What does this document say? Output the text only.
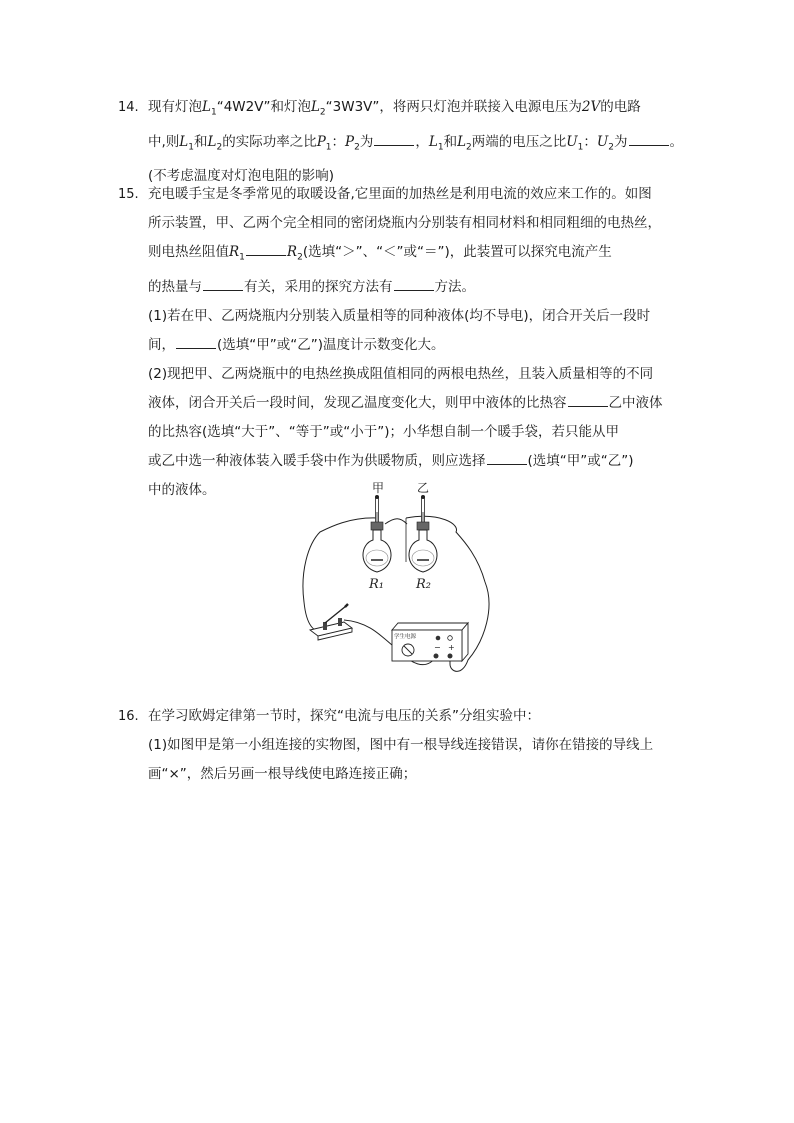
14. 现有灯泡$L_1“4W2V$”和灯泡$L_2“3W3V$”，将两只灯泡并联接入电源电压为2V的电路
中,则$L_1$和$L_2$的实际功率之比$P_1$：$P_2$为	，$L_1$和$L_2$两端的电压之比$U_1$：$U_2$为	。
(不考虑温度对灯泡电阻的影响)
15. 充电暖手宝是冬季常见的取暖设备,它里面的加热丝是利用电流的效应来工作的。如图
所示装置，甲、乙两个完全相同的密闭烧瓶内分别装有相同材料和相同粗细的电热丝，
则电热丝阻值$R_1$	$R_2$(选填“＞”、“＜”或“＝”)，此装置可以探究电流产生
的热量与	有关，采用的探究方法有	方法。
(1)若在甲、乙两烧瓶内分别装入质量相等的同种液体(均不导电)，闭合开关后一段时
间，	(选填“甲”或“乙”)温度计示数变化大。
(2)现把甲、乙两烧瓶中的电热丝换成阻值相同的两根电热丝，且装入质量相等的不同
液体，闭合开关后一段时间，发现乙温度变化大，则甲中液体的比热容	乙中液体
的比热容(选填“大于”、“等于”或“小于”)；小华想自制一个暖手袋，若只能从甲
或乙中选一种液体装入暖手袋中作为供暖物质，则应选择	(选填“甲”或“乙”)
中的液体。	甲	乙
R₁ R₂
学生电源
− +
16. 在学习欧姆定律第一节时，探究“电流与电压的关系”分组实验中：
(1)如图甲是第一小组连接的实物图，图中有一根导线连接错误，请你在错接的导线上
画“×”，然后另画一根导线使电路连接正确；
